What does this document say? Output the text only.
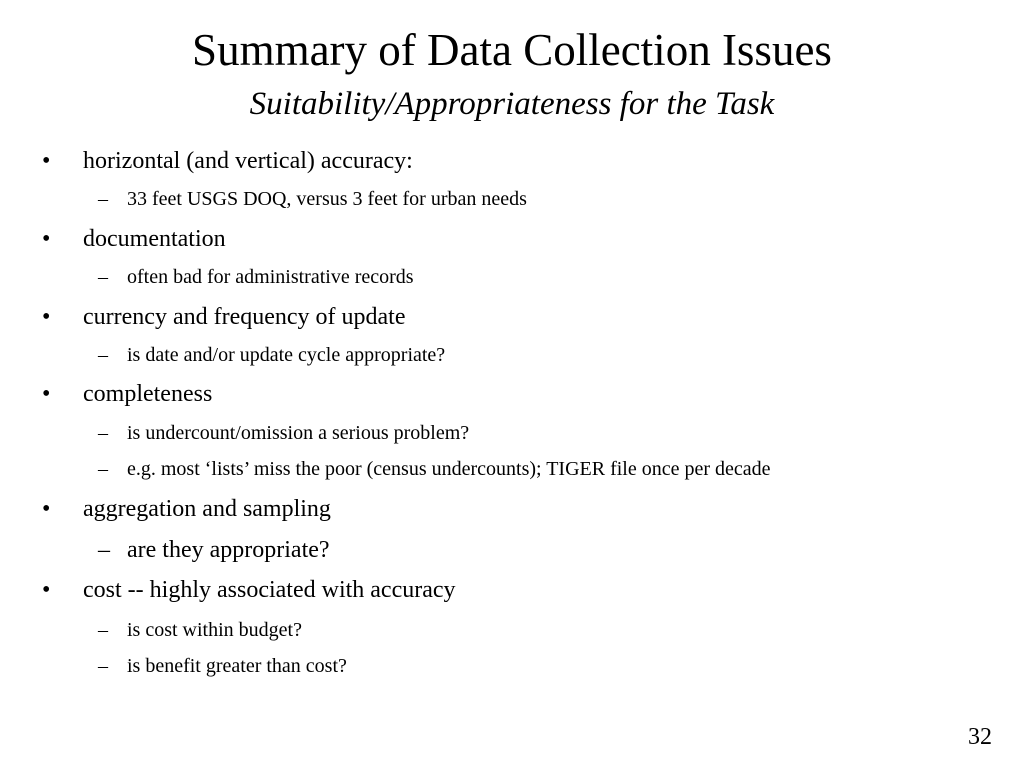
Summary of Data Collection Issues
Suitability/Appropriateness for the Task
• horizontal (and vertical) accuracy:
– 33 feet USGS DOQ, versus 3 feet for urban needs
• documentation
– often bad for administrative records
• currency and frequency of update
– is date and/or update cycle appropriate?
• completeness
– is undercount/omission a serious problem?
– e.g. most ‘lists’ miss the poor (census undercounts); TIGER file once per decade
• aggregation and sampling
– are they appropriate?
• cost -- highly associated with accuracy
– is cost within budget?
– is benefit greater than cost?
32
